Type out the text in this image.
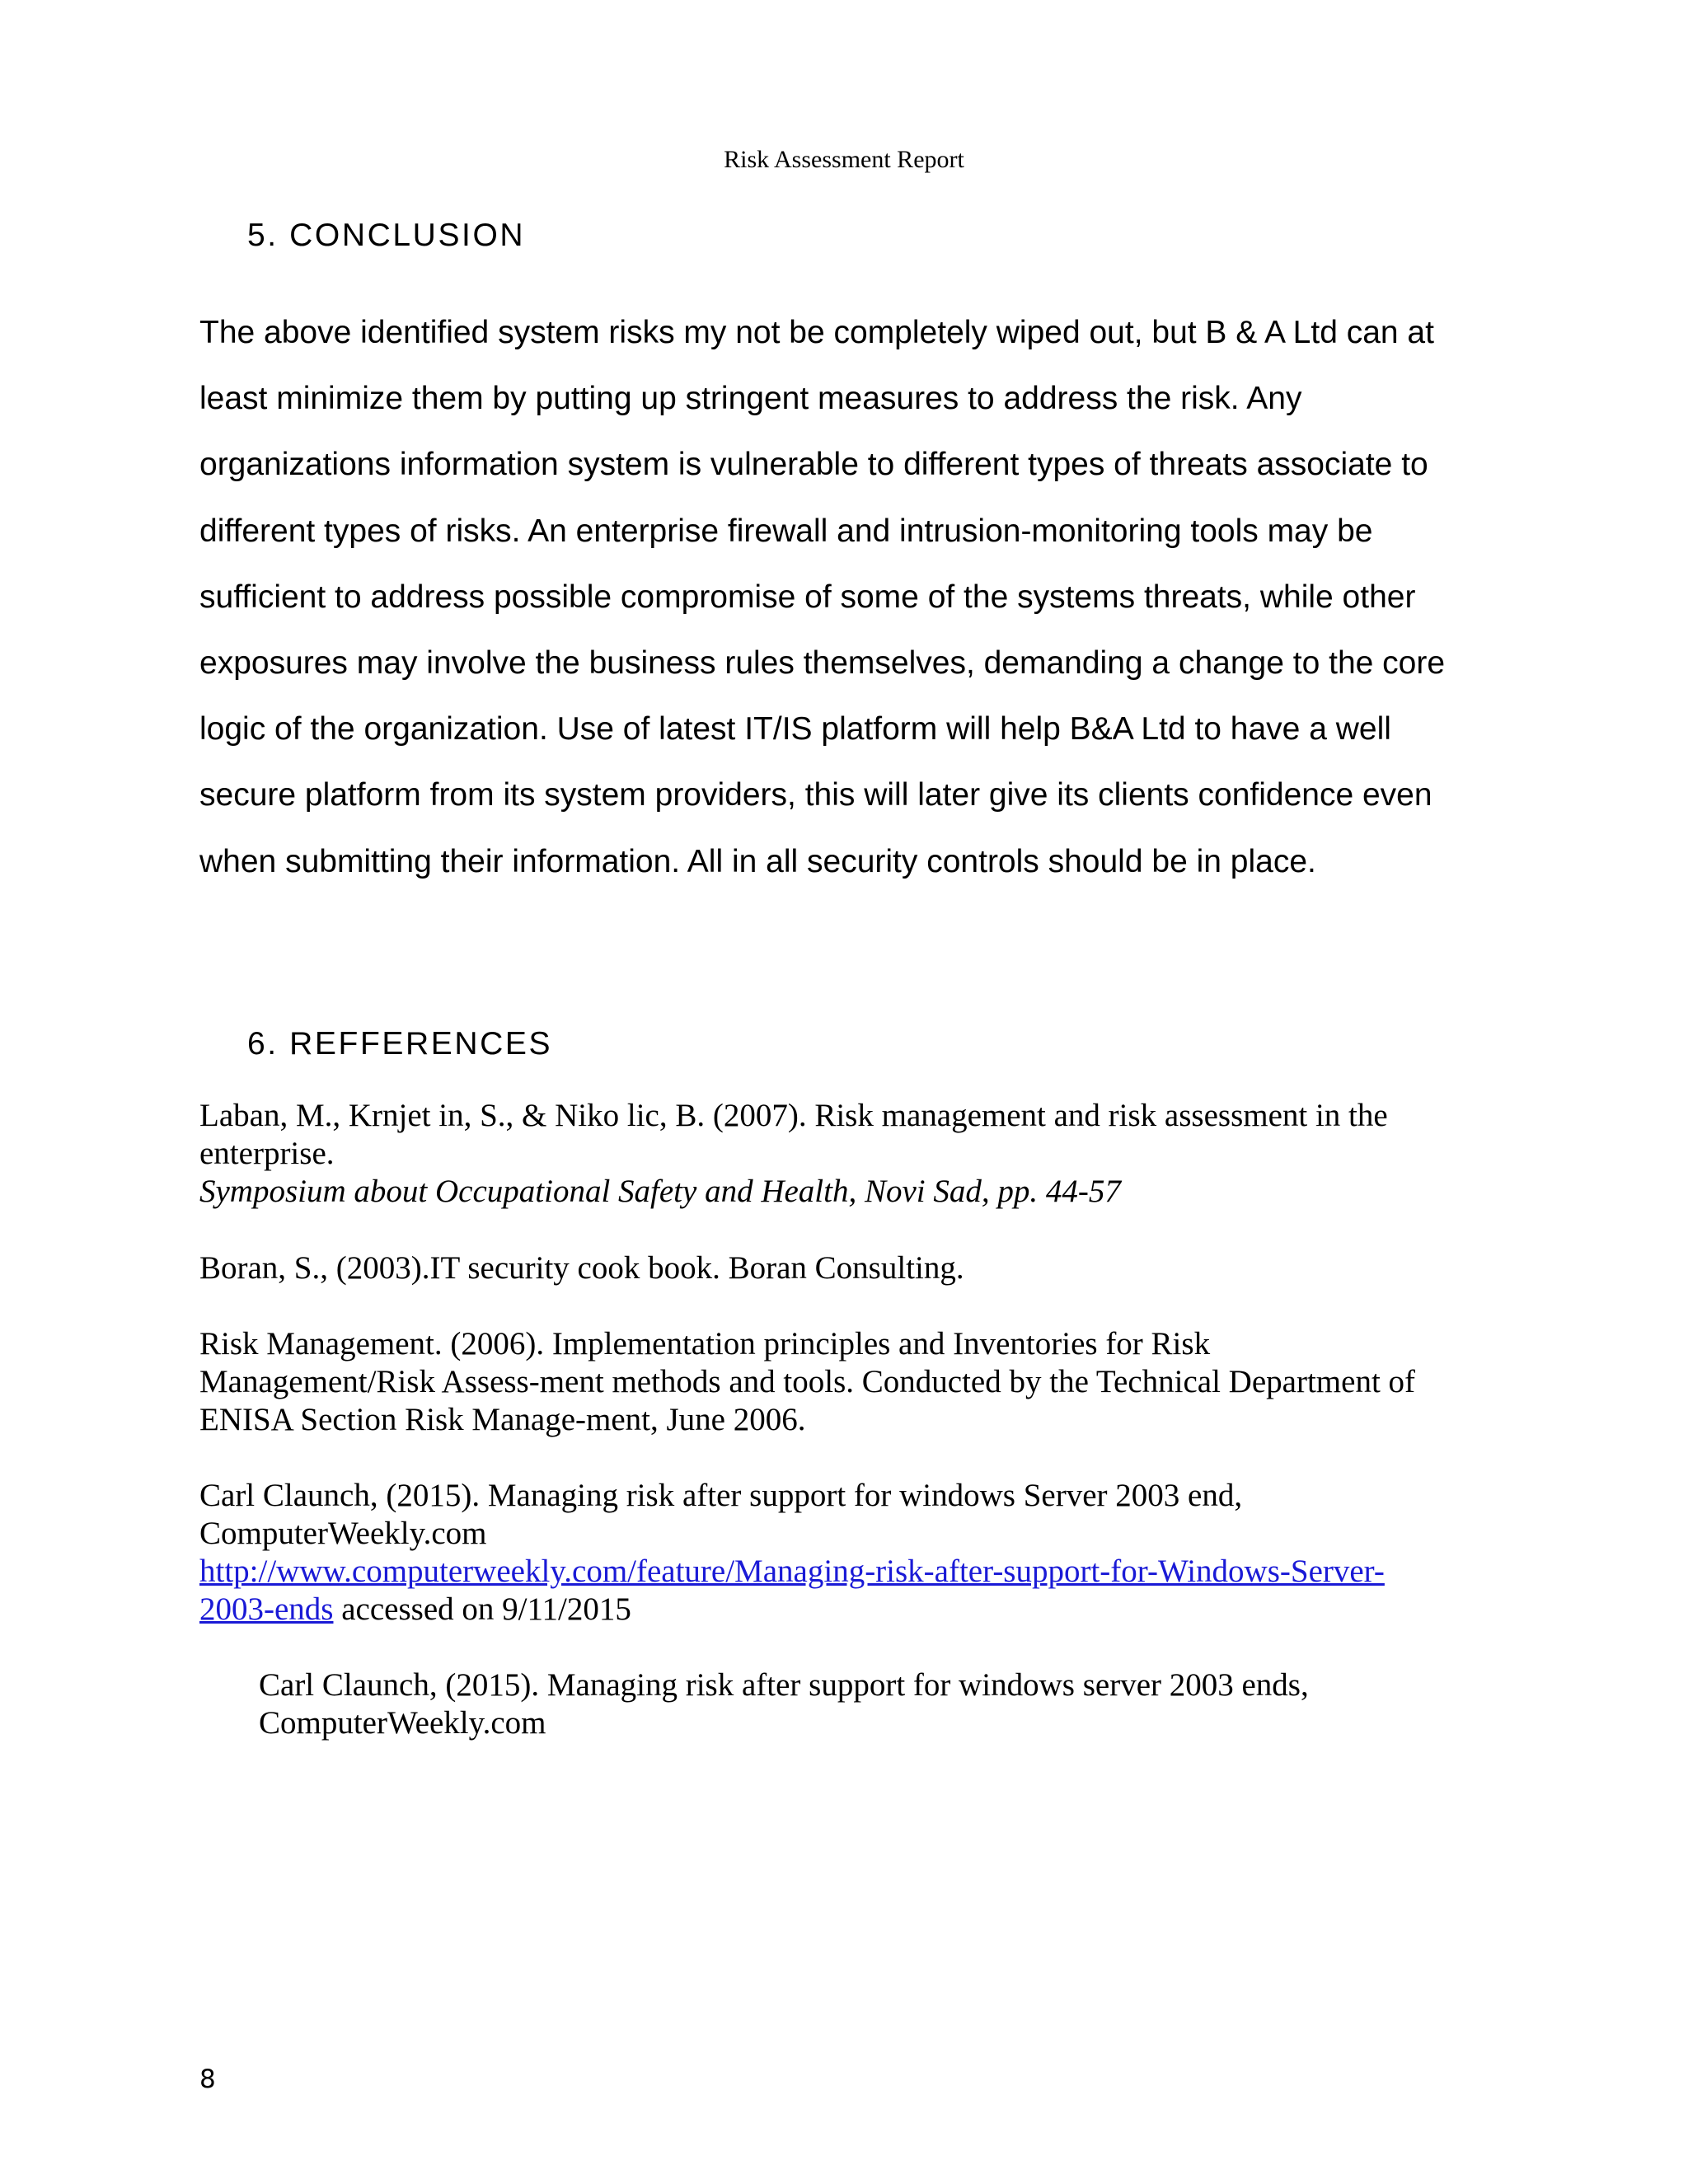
Risk Assessment Report
5. CONCLUSION
The above identified system risks my not be completely wiped out, but B & A Ltd can at
least minimize them by putting up stringent measures to address the risk. Any
organizations information system is vulnerable to different types of threats associate to
different types of risks. An enterprise firewall and intrusion-monitoring tools may be
sufficient to address possible compromise of some of the systems threats, while other
exposures may involve the business rules themselves, demanding a change to the core
logic of the organization. Use of latest IT/IS platform will help B&A Ltd to have a well
secure platform from its system providers, this will later give its clients confidence even
when submitting their information. All in all security controls should be in place.
6. REFFERENCES
Laban, M., Krnjet in, S., & Niko lic, B. (2007). Risk management and risk assessment in the
enterprise.
Symposium about Occupational Safety and Health, Novi Sad, pp. 44-57
Boran, S., (2003).IT security cook book. Boran Consulting.
Risk Management. (2006). Implementation principles and Inventories for Risk
Management/Risk Assess-ment methods and tools. Conducted by the Technical Department of
ENISA Section Risk Manage-ment, June 2006.
Carl Claunch, (2015). Managing risk after support for windows Server 2003 end,
ComputerWeekly.com
http://www.computerweekly.com/feature/Managing-risk-after-support-for-Windows-Server-
2003-ends accessed on 9/11/2015
Carl Claunch, (2015). Managing risk after support for windows server 2003 ends,
ComputerWeekly.com
8
